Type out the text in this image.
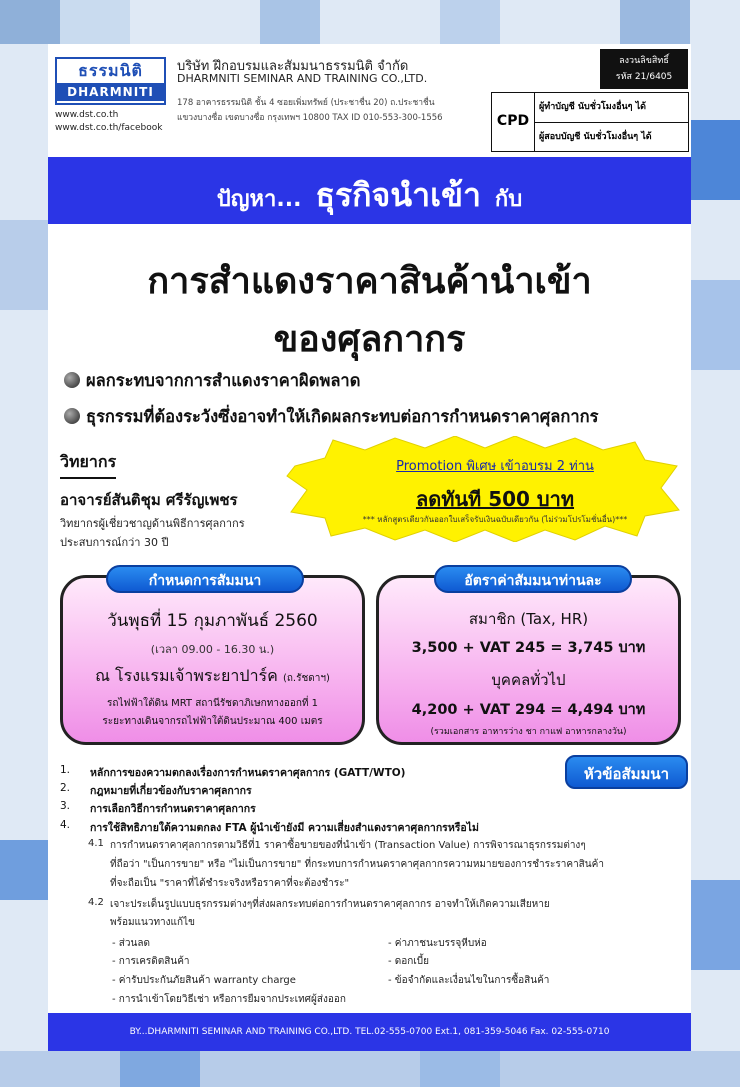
ธรรมนิติ
DHARMNITI
www.dst.co.th
www.dst.co.th/facebook
บริษัท ฝึกอบรมและสัมมนาธรรมนิติ จำกัด
DHARMNITI SEMINAR AND TRAINING CO.,LTD.
178 อาคารธรรมนิติ ชั้น 4 ซอยเพิ่มทรัพย์ (ประชาชื่น 20) ถ.ประชาชื่น
แขวงบางซื่อ เขตบางซื่อ กรุงเทพฯ 10800 TAX ID 010-553-300-1556
ลงวนลิขสิทธิ์
รหัส 21/6405
CPD
ผู้ทำบัญชี นับชั่วโมงอื่นๆ ได้
ผู้สอบบัญชี นับชั่วโมงอื่นๆ ได้
ปัญหา... ธุรกิจนำเข้า กับ
การสำแดงราคาสินค้านำเข้า
ของศุลกากร
ผลกระทบจากการสำแดงราคาผิดพลาด
ธุรกรรมที่ต้องระวังซึ่งอาจทำให้เกิดผลกระทบต่อการกำหนดราคาศุลกากร
วิทยากร
อาจารย์สันติชุม ศรีรัญเพชร
วิทยากรผู้เชี่ยวชาญด้านพิธีการศุลกากร
ประสบการณ์กว่า 30 ปี
Promotion พิเศษ เข้าอบรม 2 ท่าน
ลดทันที 500 บาท
*** หลักสูตรเดียวกันออกใบเสร็จรับเงินฉบับเดียวกัน (ไม่ร่วมโปรโมชั่นอื่น)***
กำหนดการสัมมนา
วันพุธที่ 15 กุมภาพันธ์ 2560
(เวลา 09.00 - 16.30 น.)
ณ โรงแรมเจ้าพระยาปาร์ค (ถ.รัชดาฯ)
รถไฟฟ้าใต้ดิน MRT สถานีรัชดาภิเษกทางออกที่ 1
ระยะทางเดินจากรถไฟฟ้าใต้ดินประมาณ 400 เมตร
อัตราค่าสัมมนาท่านละ
สมาชิก (Tax, HR)
3,500 + VAT 245 = 3,745 บาท
บุคคลทั่วไป
4,200 + VAT 294 = 4,494 บาท
(รวมเอกสาร อาหารว่าง ชา กาแฟ อาหารกลางวัน)
หัวข้อสัมมนา
1. หลักการของความตกลงเรื่องการกำหนดราคาศุลกากร (GATT/WTO)
2. กฎหมายที่เกี่ยวข้องกับราคาศุลกากร
3. การเลือกวิธีการกำหนดราคาศุลกากร
4. การใช้สิทธิภายใต้ความตกลง FTA ผู้นำเข้ายังมี ความเสี่ยงสำแดงราคาศุลกากรหรือไม่
4.1 การกำหนดราคาศุลกากรตามวิธีที่1 ราคาซื้อขายของที่นำเข้า (Transaction Value) การพิจารณาธุรกรรมต่างๆ
ที่ถือว่า "เป็นการขาย" หรือ "ไม่เป็นการขาย" ที่กระทบการกำหนดราคาศุลกากรความหมายของการชำระราคาสินค้า
ที่จะถือเป็น "ราคาที่ได้ชำระจริงหรือราคาที่จะต้องชำระ"
4.2 เจาะประเด็นรูปแบบธุรกรรมต่างๆที่ส่งผลกระทบต่อการกำหนดราคาศุลกากร อาจทำให้เกิดความเสียหาย
พร้อมแนวทางแก้ไข
- ส่วนลด
- การเครดิตสินค้า
- ค่ารับประกันภัยสินค้า warranty charge
- การนำเข้าโดยวิธีเช่า หรือการยืมจากประเทศผู้ส่งออก
- ค่าภาชนะบรรจุหีบห่อ
- ดอกเบี้ย
- ข้อจำกัดและเงื่อนไขในการซื้อสินค้า
BY...DHARMNITI SEMINAR AND TRAINING CO.,LTD. TEL.02-555-0700 Ext.1, 081-359-5046 Fax. 02-555-0710
